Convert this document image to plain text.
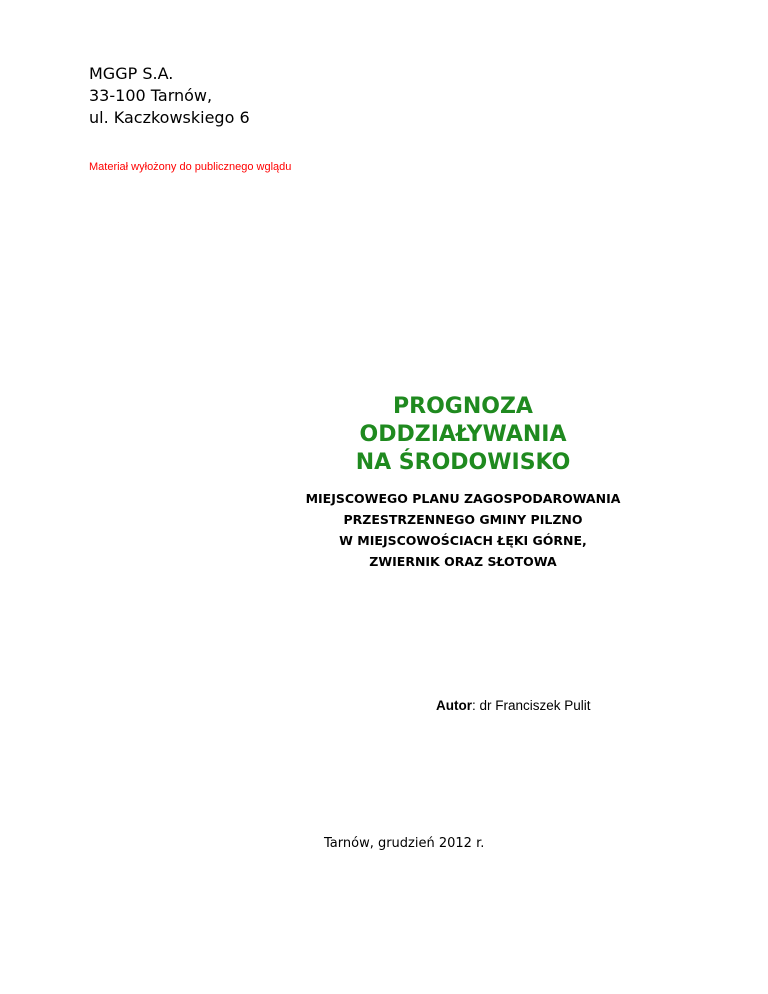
MGGP S.A.
33-100 Tarnów,
ul. Kaczkowskiego 6
Materiał wyłożony do publicznego wglądu
PROGNOZA
ODDZIAŁYWANIA
NA ŚRODOWISKO
MIEJSCOWEGO PLANU ZAGOSPODAROWANIA
PRZESTRZENNEGO GMINY PILZNO
W MIEJSCOWOŚCIACH ŁĘKI GÓRNE,
ZWIERNIK ORAZ SŁOTOWA
Autor: dr Franciszek Pulit
Tarnów, grudzień 2012 r.
